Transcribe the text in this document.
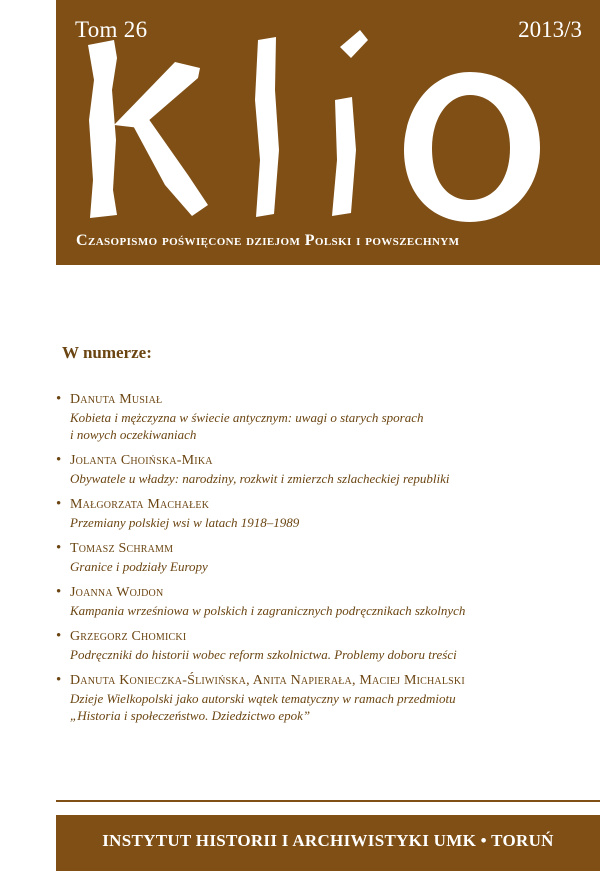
Tom 26	2013/3
Czasopismo poświęcone dziejom Polski i powszechnym
W numerze:
• Danuta Musiał
Kobieta i mężczyzna w świecie antycznym: uwagi o starych sporach
i nowych oczekiwaniach
• Jolanta Choińska-Mika
Obywatele u władzy: narodziny, rozkwit i zmierzch szlacheckiej republiki
• Małgorzata Machałek
Przemiany polskiej wsi w latach 1918–1989
• Tomasz Schramm
Granice i podziały Europy
• Joanna Wojdon
Kampania wrześniowa w polskich i zagranicznych podręcznikach szkolnych
• Grzegorz Chomicki
Podręczniki do historii wobec reform szkolnictwa. Problemy doboru treści
• Danuta Konieczka-Śliwińska, Anita Napierała, Maciej Michalski
Dzieje Wielkopolski jako autorski wątek tematyczny w ramach przedmiotu
„Historia i społeczeństwo. Dziedzictwo epok”
INSTYTUT HISTORII I ARCHIWISTYKI UMK • TORUŃ
